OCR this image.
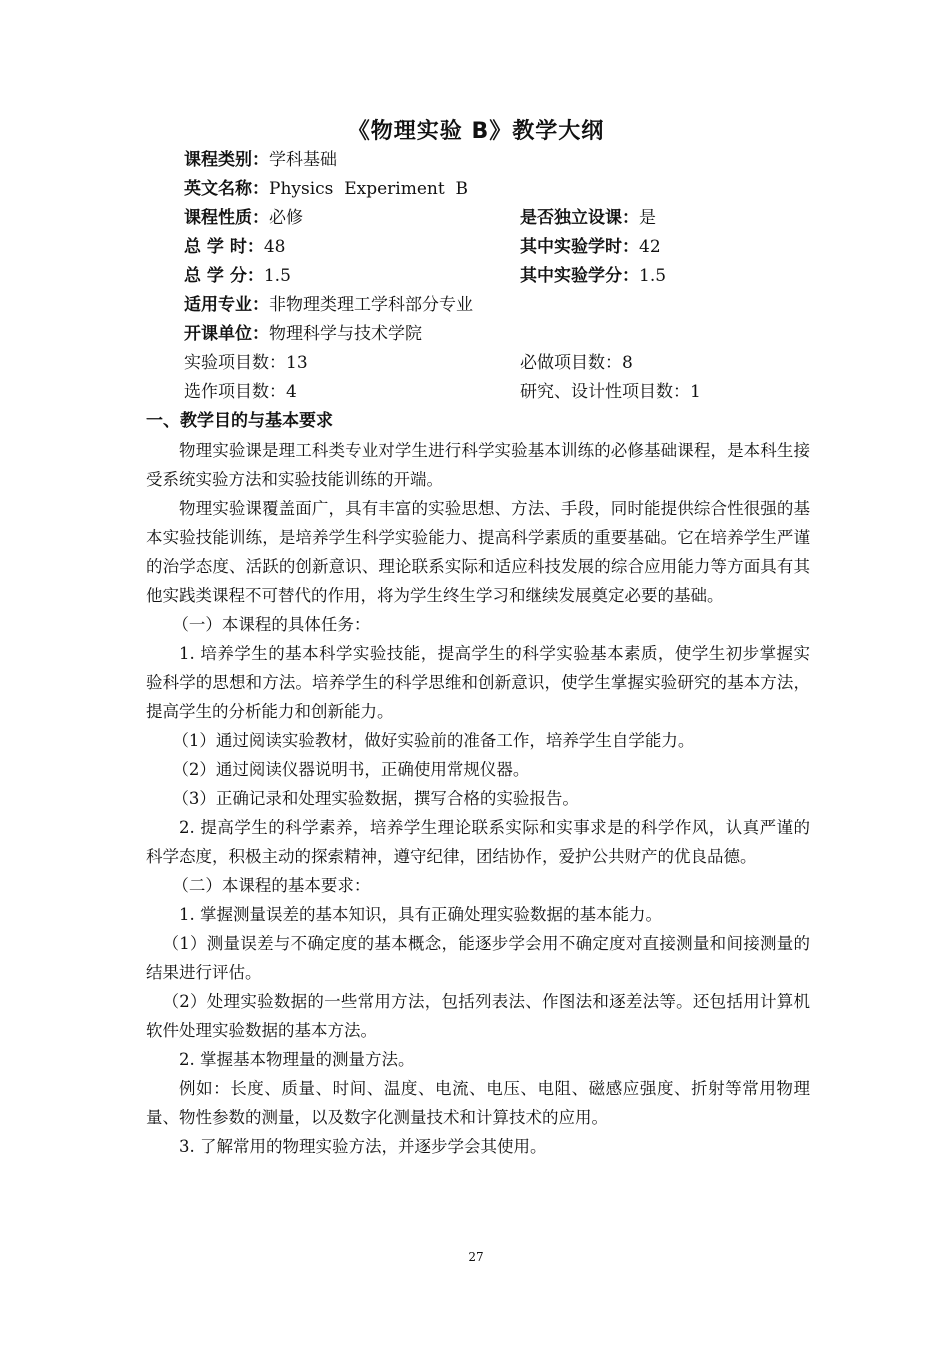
《物理实验 B》教学大纲
课程类别：学科基础
英文名称：Physics  Experiment  B
课程性质：必修	是否独立设课：是
总 学 时：48	其中实验学时：42
总 学 分：1.5	其中实验学分：1.5
适用专业：非物理类理工学科部分专业
开课单位：物理科学与技术学院
实验项目数：13	必做项目数：8
选作项目数：4	研究、设计性项目数：1
一、教学目的与基本要求

物理实验课是理工科类专业对学生进行科学实验基本训练的必修基础课程，是本科生接受系统实验方法和实验技能训练的开端。

物理实验课覆盖面广，具有丰富的实验思想、方法、手段，同时能提供综合性很强的基本实验技能训练，是培养学生科学实验能力、提高科学素质的重要基础。它在培养学生严谨的治学态度、活跃的创新意识、理论联系实际和适应科技发展的综合应用能力等方面具有其他实践类课程不可替代的作用，将为学生终生学习和继续发展奠定必要的基础。

（一）本课程的具体任务：

1. 培养学生的基本科学实验技能，提高学生的科学实验基本素质，使学生初步掌握实验科学的思想和方法。培养学生的科学思维和创新意识，使学生掌握实验研究的基本方法，提高学生的分析能力和创新能力。

（1）通过阅读实验教材，做好实验前的准备工作，培养学生自学能力。

（2）通过阅读仪器说明书，正确使用常规仪器。

（3）正确记录和处理实验数据，撰写合格的实验报告。

2. 提高学生的科学素养，培养学生理论联系实际和实事求是的科学作风，认真严谨的科学态度，积极主动的探索精神，遵守纪律，团结协作，爱护公共财产的优良品德。

（二）本课程的基本要求：

1. 掌握测量误差的基本知识，具有正确处理实验数据的基本能力。

（1）测量误差与不确定度的基本概念，能逐步学会用不确定度对直接测量和间接测量的结果进行评估。

（2）处理实验数据的一些常用方法，包括列表法、作图法和逐差法等。还包括用计算机软件处理实验数据的基本方法。

2. 掌握基本物理量的测量方法。

例如：长度、质量、时间、温度、电流、电压、电阻、磁感应强度、折射等常用物理量、物性参数的测量，以及数字化测量技术和计算技术的应用。

3. 了解常用的物理实验方法，并逐步学会其使用。

27
